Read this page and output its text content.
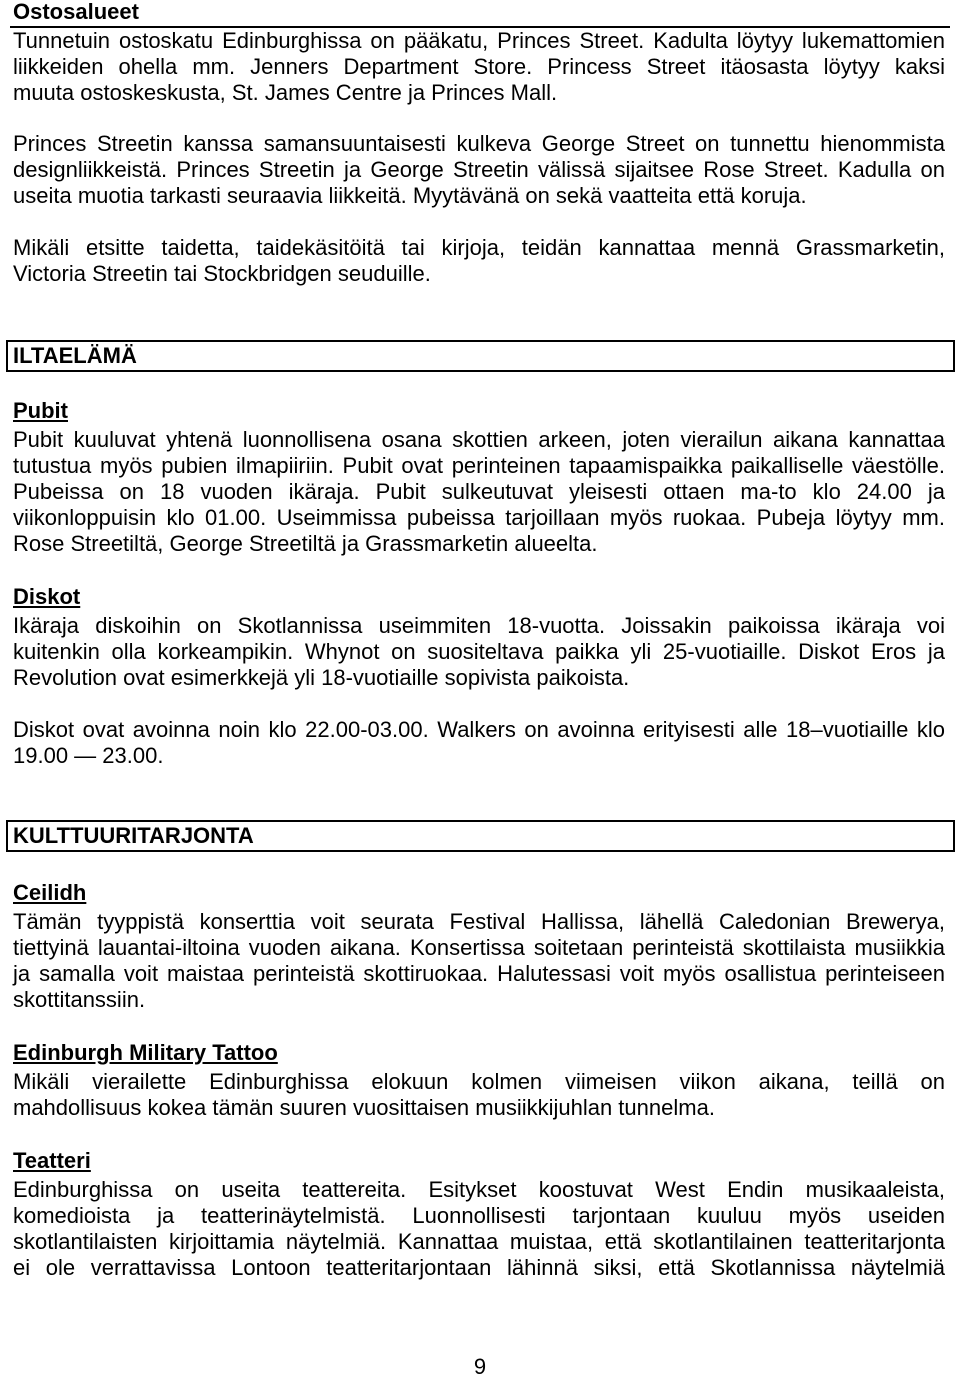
Ostosalueet
Tunnetuin ostoskatu Edinburghissa on pääkatu, Princes Street. Kadulta löytyy lukemattomien
liikkeiden ohella mm. Jenners Department Store. Princess Street itäosasta löytyy kaksi
muuta ostoskeskusta, St. James Centre ja Princes Mall.
Princes Streetin kanssa samansuuntaisesti kulkeva George Street on tunnettu hienommista
designliikkeistä. Princes Streetin ja George Streetin välissä sijaitsee Rose Street. Kadulla on
useita muotia tarkasti seuraavia liikkeitä. Myytävänä on sekä vaatteita että koruja.
Mikäli etsitte taidetta, taidekäsitöitä tai kirjoja, teidän kannattaa mennä Grassmarketin,
Victoria Streetin tai Stockbridgen seuduille.
ILTAELÄMÄ
Pubit
Pubit kuuluvat yhtenä luonnollisena osana skottien arkeen, joten vierailun aikana kannattaa
tutustua myös pubien ilmapiiriin. Pubit ovat perinteinen tapaamispaikka paikalliselle väestölle.
Pubeissa on 18 vuoden ikäraja. Pubit sulkeutuvat yleisesti ottaen ma-to klo 24.00 ja
viikonloppuisin klo 01.00. Useimmissa pubeissa tarjoillaan myös ruokaa. Pubeja löytyy mm.
Rose Streetiltä, George Streetiltä ja Grassmarketin alueelta.
Diskot
Ikäraja diskoihin on Skotlannissa useimmiten 18-vuotta. Joissakin paikoissa ikäraja voi
kuitenkin olla korkeampikin. Whynot on suositeltava paikka yli 25-vuotiaille. Diskot Eros ja
Revolution ovat esimerkkejä yli 18-vuotiaille sopivista paikoista.
Diskot ovat avoinna noin klo 22.00-03.00. Walkers on avoinna erityisesti alle 18–vuotiaille klo
19.00 — 23.00.
KULTTUURITARJONTA
Ceilidh
Tämän tyyppistä konserttia voit seurata Festival Hallissa, lähellä Caledonian Brewerya,
tiettyinä lauantai-iltoina vuoden aikana. Konsertissa soitetaan perinteistä skottilaista musiikkia
ja samalla voit maistaa perinteistä skottiruokaa. Halutessasi voit myös osallistua perinteiseen
skottitanssiin.
Edinburgh Military Tattoo
Mikäli vierailette Edinburghissa elokuun kolmen viimeisen viikon aikana, teillä on
mahdollisuus kokea tämän suuren vuosittaisen musiikkijuhlan tunnelma.
Teatteri
Edinburghissa on useita teattereita. Esitykset koostuvat West Endin musikaaleista,
komedioista ja teatterinäytelmistä. Luonnollisesti tarjontaan kuuluu myös useiden
skotlantilaisten kirjoittamia näytelmiä. Kannattaa muistaa, että skotlantilainen teatteritarjonta
ei ole verrattavissa Lontoon teatteritarjontaan lähinnä siksi, että Skotlannissa näytelmiä
9
